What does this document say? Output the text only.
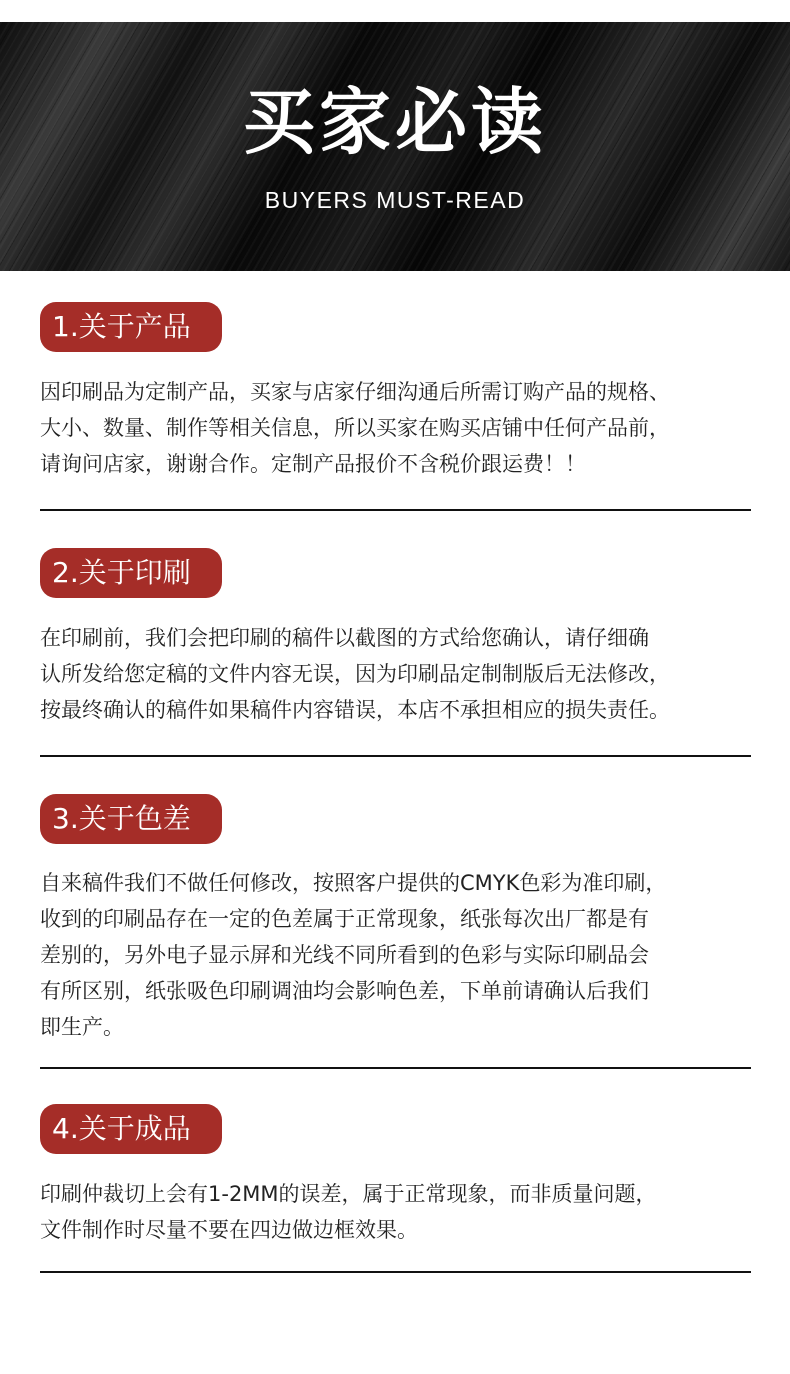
买家必读
BUYERS MUST-READ
1.关于产品
因印刷品为定制产品，买家与店家仔细沟通后所需订购产品的规格、
大小、数量、制作等相关信息，所以买家在购买店铺中任何产品前，
请询问店家，谢谢合作。定制产品报价不含税价跟运费！！
2.关于印刷
在印刷前，我们会把印刷的稿件以截图的方式给您确认，请仔细确
认所发给您定稿的文件内容无误，因为印刷品定制制版后无法修改，
按最终确认的稿件如果稿件内容错误，本店不承担相应的损失责任。
3.关于色差
自来稿件我们不做任何修改，按照客户提供的CMYK色彩为准印刷，
收到的印刷品存在一定的色差属于正常现象，纸张每次出厂都是有
差别的，另外电子显示屏和光线不同所看到的色彩与实际印刷品会
有所区别，纸张吸色印刷调油均会影响色差，下单前请确认后我们
即生产。
4.关于成品
印刷仲裁切上会有1-2MM的误差，属于正常现象，而非质量问题，
文件制作时尽量不要在四边做边框效果。
